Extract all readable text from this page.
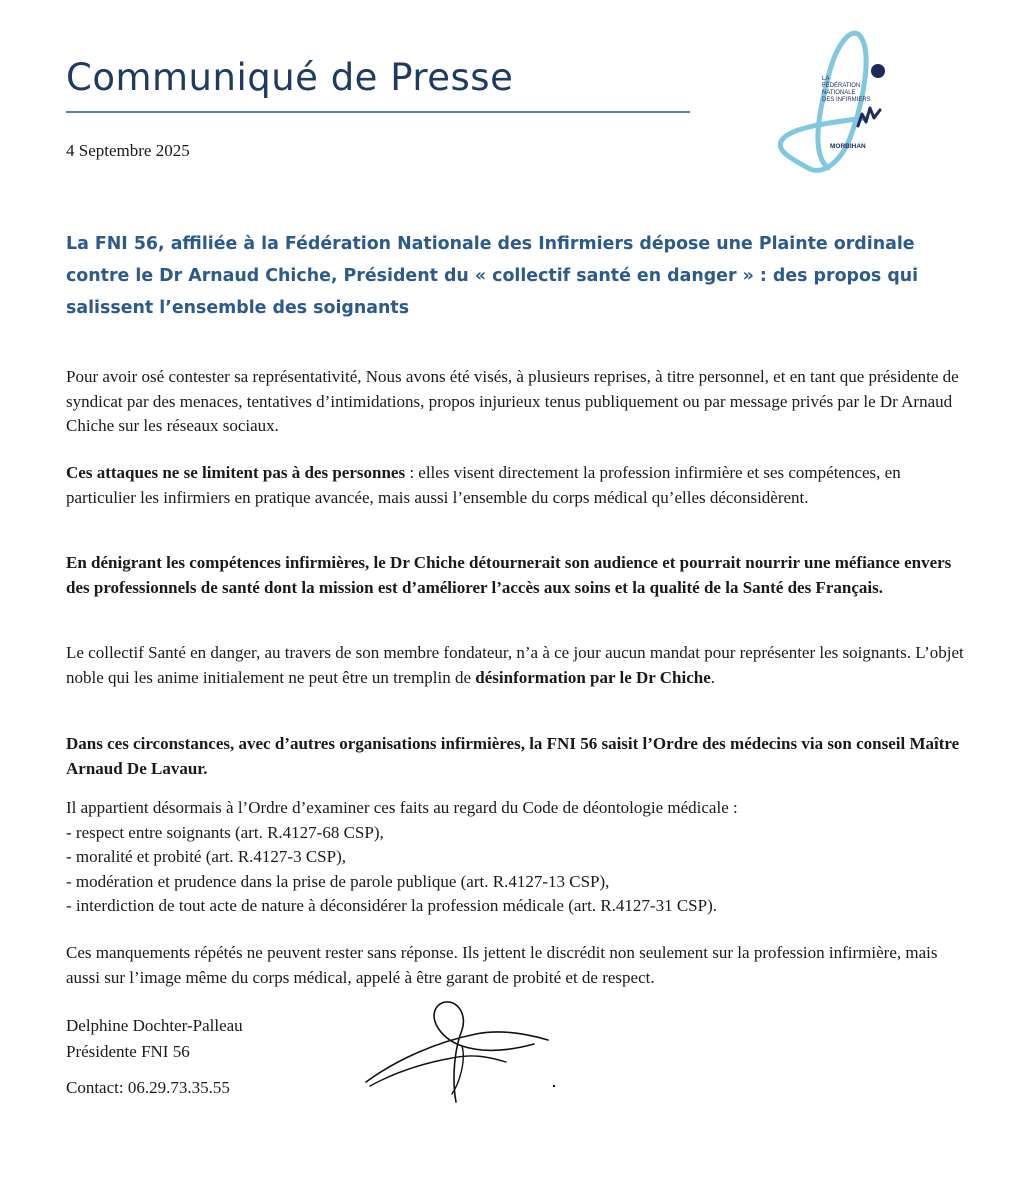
Communiqué de Presse
4 Septembre 2025
LA
FÉDÉRATION
NATIONALE
DES INFIRMIERS
MORBIHAN

La FNI 56, affiliée à la Fédération Nationale des Infirmiers dépose une Plainte ordinale contre le Dr Arnaud Chiche, Président du « collectif santé en danger » : des propos qui salissent l’ensemble des soignants

Pour avoir osé contester sa représentativité, Nous avons été visés, à plusieurs reprises, à titre personnel, et en tant que présidente de syndicat par des menaces, tentatives d’intimidations, propos injurieux tenus publiquement ou par message privés par le Dr Arnaud Chiche sur les réseaux sociaux.

Ces attaques ne se limitent pas à des personnes : elles visent directement la profession infirmière et ses compétences, en particulier les infirmiers en pratique avancée, mais aussi l’ensemble du corps médical qu’elles déconsidèrent.

En dénigrant les compétences infirmières, le Dr Chiche détournerait son audience et pourrait nourrir une méfiance envers des professionnels de santé dont la mission est d’améliorer l’accès aux soins et la qualité de la Santé des Français.

Le collectif Santé en danger, au travers de son membre fondateur, n’a à ce jour aucun mandat pour représenter les soignants. L’objet noble qui les anime initialement ne peut être un tremplin de désinformation par le Dr Chiche.

Dans ces circonstances, avec d’autres organisations infirmières, la FNI 56 saisit l’Ordre des médecins via son conseil Maître Arnaud De Lavaur.

Il appartient désormais à l’Ordre d’examiner ces faits au regard du Code de déontologie médicale :
- respect entre soignants (art. R.4127-68 CSP),
- moralité et probité (art. R.4127-3 CSP),
- modération et prudence dans la prise de parole publique (art. R.4127-13 CSP),
- interdiction de tout acte de nature à déconsidérer la profession médicale (art. R.4127-31 CSP).

Ces manquements répétés ne peuvent rester sans réponse. Ils jettent le discrédit non seulement sur la profession infirmière, mais aussi sur l’image même du corps médical, appelé à être garant de probité et de respect.

Delphine Dochter-Palleau
Présidente FNI 56
Contact: 06.29.73.35.55
